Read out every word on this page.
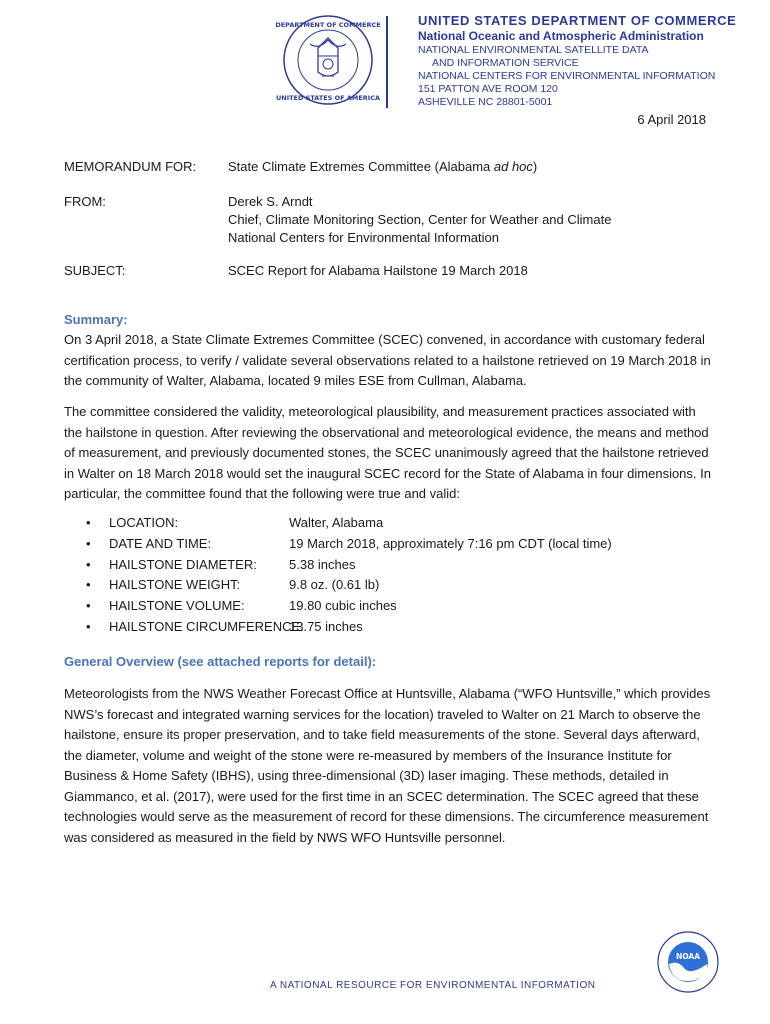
DEPARTMENT OF COMMERCE
UNITED STATES OF AMERICA
UNITED STATES DEPARTMENT OF COMMERCE
National Oceanic and Atmospheric Administration
NATIONAL ENVIRONMENTAL SATELLITE DATA
AND INFORMATION SERVICE
NATIONAL CENTERS FOR ENVIRONMENTAL INFORMATION
151 PATTON AVE ROOM 120
ASHEVILLE NC 28801-5001
6 April 2018
MEMORANDUM FOR:	State Climate Extremes Committee (Alabama ad hoc)
FROM:	Derek S. Arndt
Chief, Climate Monitoring Section, Center for Weather and Climate
National Centers for Environmental Information
SUBJECT:	SCEC Report for Alabama Hailstone 19 March 2018
Summary:
On 3 April 2018, a State Climate Extremes Committee (SCEC) convened, in accordance with customary federal certification process, to verify / validate several observations related to a hailstone retrieved on 19 March 2018 in the community of Walter, Alabama, located 9 miles ESE from Cullman, Alabama.
The committee considered the validity, meteorological plausibility, and measurement practices associated with the hailstone in question. After reviewing the observational and meteorological evidence, the means and method of measurement, and previously documented stones, the SCEC unanimously agreed that the hailstone retrieved in Walter on 18 March 2018 would set the inaugural SCEC record for the State of Alabama in four dimensions. In particular, the committee found that the following were true and valid:
• LOCATION:	Walter, Alabama
• DATE AND TIME:	19 March 2018, approximately 7:16 pm CDT (local time)
• HAILSTONE DIAMETER: 5.38 inches
• HAILSTONE WEIGHT:	9.8 oz. (0.61 lb)
• HAILSTONE VOLUME:	19.80 cubic inches
• HAILSTONE CIRCUMFERENCE:
13.75 inches
General Overview (see attached reports for detail):
Meteorologists from the NWS Weather Forecast Office at Huntsville, Alabama (“WFO Huntsville,” which provides NWS’s forecast and integrated warning services for the location) traveled to Walter on 21 March to observe the hailstone, ensure its proper preservation, and to take field measurements of the stone. Several days afterward, the diameter, volume and weight of the stone were re-measured by members of the Insurance Institute for Business & Home Safety (IBHS), using three-dimensional (3D) laser imaging. These methods, detailed in Giammanco, et al. (2017), were used for the first time in an SCEC determination. The SCEC agreed that these technologies would serve as the measurement of record for these dimensions. The circumference measurement was considered as measured in the field by NWS WFO Huntsville personnel.
A NATIONAL RESOURCE FOR ENVIRONMENTAL INFORMATION
NOAA
